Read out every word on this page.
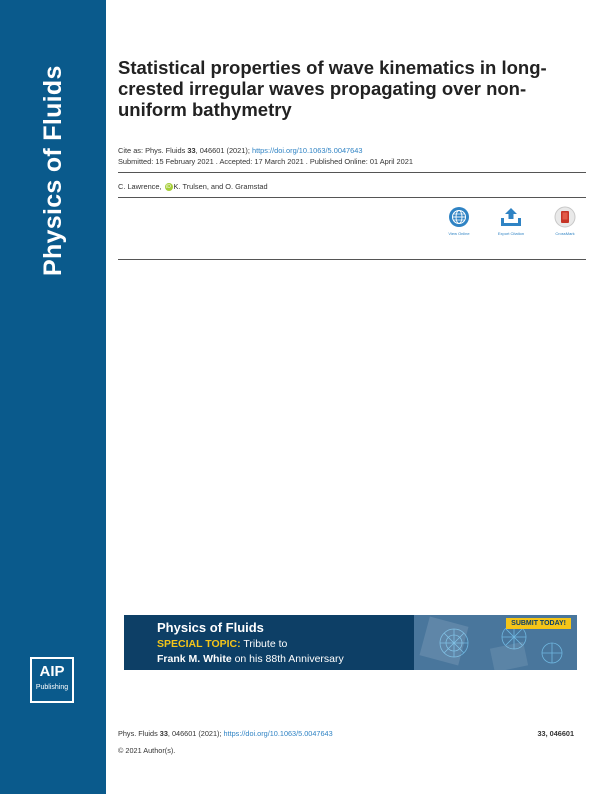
Physics of Fluids
AIP
Publishing
Statistical properties of wave kinematics in long-crested irregular waves propagating over non-uniform bathymetry
Cite as: Phys. Fluids 33, 046601 (2021); https://doi.org/10.1063/5.0047643
Submitted: 15 February 2021 . Accepted: 17 March 2021 . Published Online: 01 April 2021
C. Lawrence, iD K. Trulsen, and O. Gramstad
View Online	Export Citation	CrossMark
Physics of Fluids
SPECIAL TOPIC: Tribute to
Frank M. White on his 88th Anniversary
SUBMIT TODAY!
Phys. Fluids 33, 046601 (2021); https://doi.org/10.1063/5.0047643	33, 046601
© 2021 Author(s).
